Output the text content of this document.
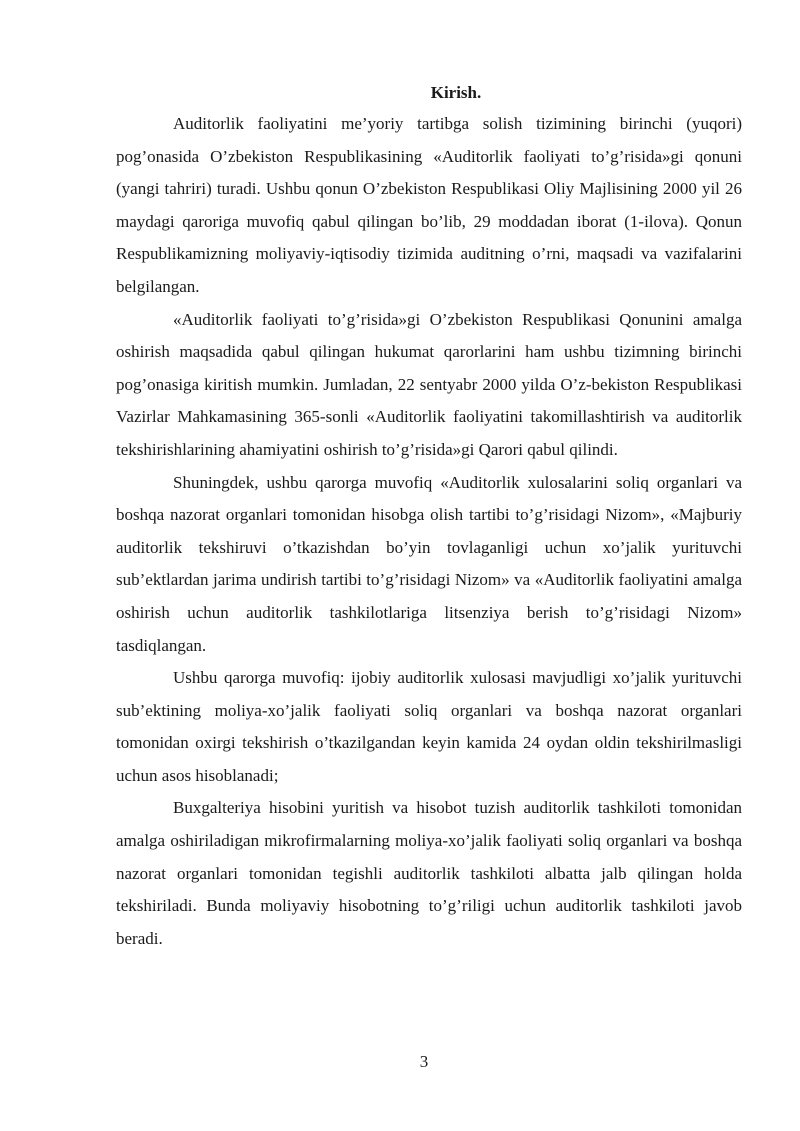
Kirish.

Auditorlik faoliyatini me’yoriy tartibga solish tizimining birinchi (yuqori) pog’onasida O’zbekiston Respublikasining «Auditorlik faoliyati to’g’risida»gi qonuni (yangi tahriri) turadi. Ushbu qonun O’zbekiston Respublikasi Oliy Majlisining 2000 yil 26 maydagi qaroriga muvofiq qabul qilingan bo’lib, 29 moddadan iborat (1-ilova). Qonun Respublikamizning moliyaviy-iqtisodiy tizimida auditning o’rni, maqsadi va vazifalarini belgilangan.

«Auditorlik faoliyati to’g’risida»gi O’zbekiston Respublikasi Qonunini amalga oshirish maqsadida qabul qilingan hukumat qarorlarini ham ushbu tizimning birinchi pog’onasiga kiritish mumkin. Jumladan, 22 sentyabr 2000 yilda O’z-bekiston Respublikasi Vazirlar Mahkamasining 365-sonli «Auditorlik faoliyatini takomillashtirish va auditorlik tekshirishlarining ahamiyatini oshirish to’g’risida»gi Qarori qabul qilindi.

Shuningdek, ushbu qarorga muvofiq «Auditorlik xulosalarini soliq organlari va boshqa nazorat organlari tomonidan hisobga olish tartibi to’g’risidagi Nizom», «Majburiy auditorlik tekshiruvi o’tkazishdan bo’yin tovlaganligi uchun xo’jalik yurituvchi sub’ektlardan jarima undirish tartibi to’g’risidagi Nizom» va «Auditorlik faoliyatini amalga oshirish uchun auditorlik tashkilotlariga litsenziya berish to’g’risidagi Nizom» tasdiqlangan.

Ushbu qarorga muvofiq: ijobiy auditorlik xulosasi mavjudligi xo’jalik yurituvchi sub’ektining moliya-xo’jalik faoliyati soliq organlari va boshqa nazorat organlari tomonidan oxirgi tekshirish o’tkazilgandan keyin kamida 24 oydan oldin tekshirilmasligi uchun asos hisoblanadi;

Buxgalteriya hisobini yuritish va hisobot tuzish auditorlik tashkiloti tomonidan amalga oshiriladigan mikrofirmalarning moliya-xo’jalik faoliyati soliq organlari va boshqa nazorat organlari tomonidan tegishli auditorlik tashkiloti albatta jalb qilingan holda tekshiriladi. Bunda moliyaviy hisobotning to’g’riligi uchun auditorlik tashkiloti javob beradi.

3
